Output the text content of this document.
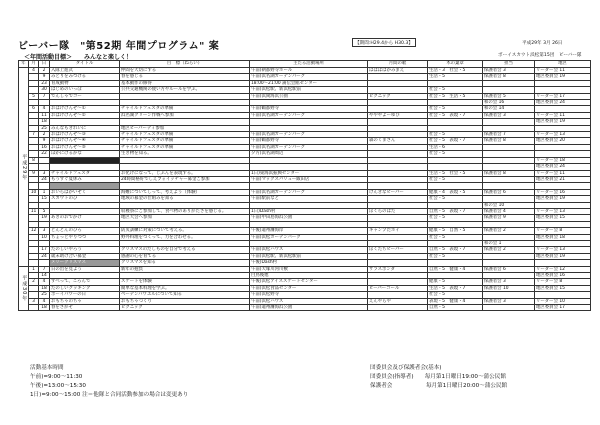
ビーバー隊　"第52期 年間プログラム" 案	【期間:H29.4から H30.3】	平成29年 3月 26日
ボーイスカウト浜松第15団　ビーバー隊
＜年間活動目標＞　　みんなと楽しく！
年	月	日	タイトル	目　標（ねらい）	主たる活動場所	月間の歌	木の葉章	担当	地区
平成29年	4	2	入隊上進式	仲間を大切にする	午前)朝都野寺ホール	ははははかみまえ	生活・3　社会・5	保護者会 3	リーダー会 11
		9	みどりをみつける	春を感じる	午前)浜名湖ガーデンパーク		生活・5	保護者会 8	地区委員会 19
		23	育成動物	基本動作の修得	18:00〜21:00 蒲伝会館センター				
		30	はじめのいっぽ	公共交通機関の使い方やルールを学ぶ。	午前)浜松駅、新浜松駅前		社会・5		
	5	7	でんしゃでゴー		午前)浜岡海浜公園	ピクニック	社会・5　生活・5	保護者会 5	リーダー会 17
								和の会 16	地区委員会 24
	6	4	おはけげんぞ〜①	チャイルドフェスタの準備	午前)鶴都野寺		社会・5	和の会 14	
		11	おはけげんぞ〜②	浜名湖クリーン作戦へ参加	午前)浜名湖ガーデンパーク	やややよーゆび	社会・5　表現・7	保護者会 3	リーダー会 11
		18							地区委員会 19
		25	みんなもきれいに	地区ビーバーディ参加					
	7	2	おはけげんぞ〜③	チャイルドフェスタの準備	午前)浜名湖ガーデンパーク		社会・5	保護者会 7	リーダー会 13
		9	おはけげんぞ〜④	チャイルドフェスタの準備	午前)鶴都野寺	森のくまさん	社会・5　表現・7	保護者会 8	地区委員会 20
		16	おはけげんぞ〜⑤	チャイルドフェスタの準備	午前)浜名湖ガーデンパーク		生活・6		
		22	ほかにげるかな	生き物を知る。	夕方)浜名湖周辺		社会・5		
	8								リーダー会 18
									地区委員会 24
	9	3	チャイルドフェスタ	お化けになって、じぶんを表現する。	1日)東海浜振興センター		生活・5　社会・5	保護者会 8	リーダー会 11
		24	もうすぐ夏休み	24時間格好でしえブォイッチャー募金ご参加	午前)マックスバリュー飯田店		社会・5		地区委員会 21

	10	1	おいらはかいぞく	海難についてしって、考えよう（体験）	午前)浜名湖ガーデンパーク	げんきなビーバー	健康・4　表現・5	保護者会 6	リーダー会 16
		15	スカウトのひ	地域の募金の仕組みを知る	午前)駅前など		社会・5		地区委員会 19
								和の会 10	
	11	5		収穫祭にご参加して、食べ物のありがたさを感じる。	1日)Dash村	ぼくらのはた	自然・5　表現・7	保護者会 4	リーダー会 13
		19	あきのおでかけ	地区大会へ参加	午前)中田島海浜公園		社会・5	保護者会 9	地区委員会 15

	12	3	どんどんのひろ	防災訓練に対策について考える。	午後)遠州灘海岸	キャンプだホイ	健康・5　自然・5	保護者会 2	リーダー会 8
		10	ちょっとやりつつ	野外料理をつくって、力を合わせる。	午前)浜松ガーデンパーク		社会・5		地区委員会 18
								和の会 1	
		17	たのしいやろう	クリスマスのだしものを自分で考える	午前)浜松ハウス	ぼくたちビーバー	自然・5　表現・7	保護者会 2	リーダー会 13
		24	歳末助け合い募金	感謝の心を育てる	午前)浜松駅、新浜松駅前		社会・5		地区委員会 19
			メリークリスマス	クリスマスを知る	午後)Dash村				
平成30年	1	7	日の出を見よう	新年の抱負	午前)大塚川河川敷	サラスポンダ	自然・5　健康・4	保護者会 6	リーダー会 12
		14			白鳥後他				地区委員会 16
	2	4	すべって、ころんで	スケートを体験	午後)浜松アイススケートセンター		健康・5	保護者会 3	リーダー会 8
		18	たのしいクッキング	簡単な基本料理を学ぶ。	午前)浜松食品センター	ビーバーコール	生活・5　表現・7	保護者会 10	地区委員会 15
		25	ボーイパワーの日	ベーデンパウエルについて知る	午前)浜松野寺		社会・5		
	3	4	おもちゃのちゃ	おもちゃづくり	午前)浜松ハウス	えんやらや	表現・5　健康・4	保護者会 3	リーダー会 10
		18	春をさがそ	ピクニック	午前)遠州灘海浜公園		自然・5		地区委員会 17
活動基本時間
午前)=9:00〜11:30
午後)=13:00〜15:30
1日)=9:00〜15:00 注＝他隊と合同活動参加の場合は変更あり
団委員会及び保護者会(基本)
団委員会(指導者)　　毎月第1日曜日19:00〜蒲公民館
保護者会　　　　　　毎月第1日曜日20:00〜蒲公民館
